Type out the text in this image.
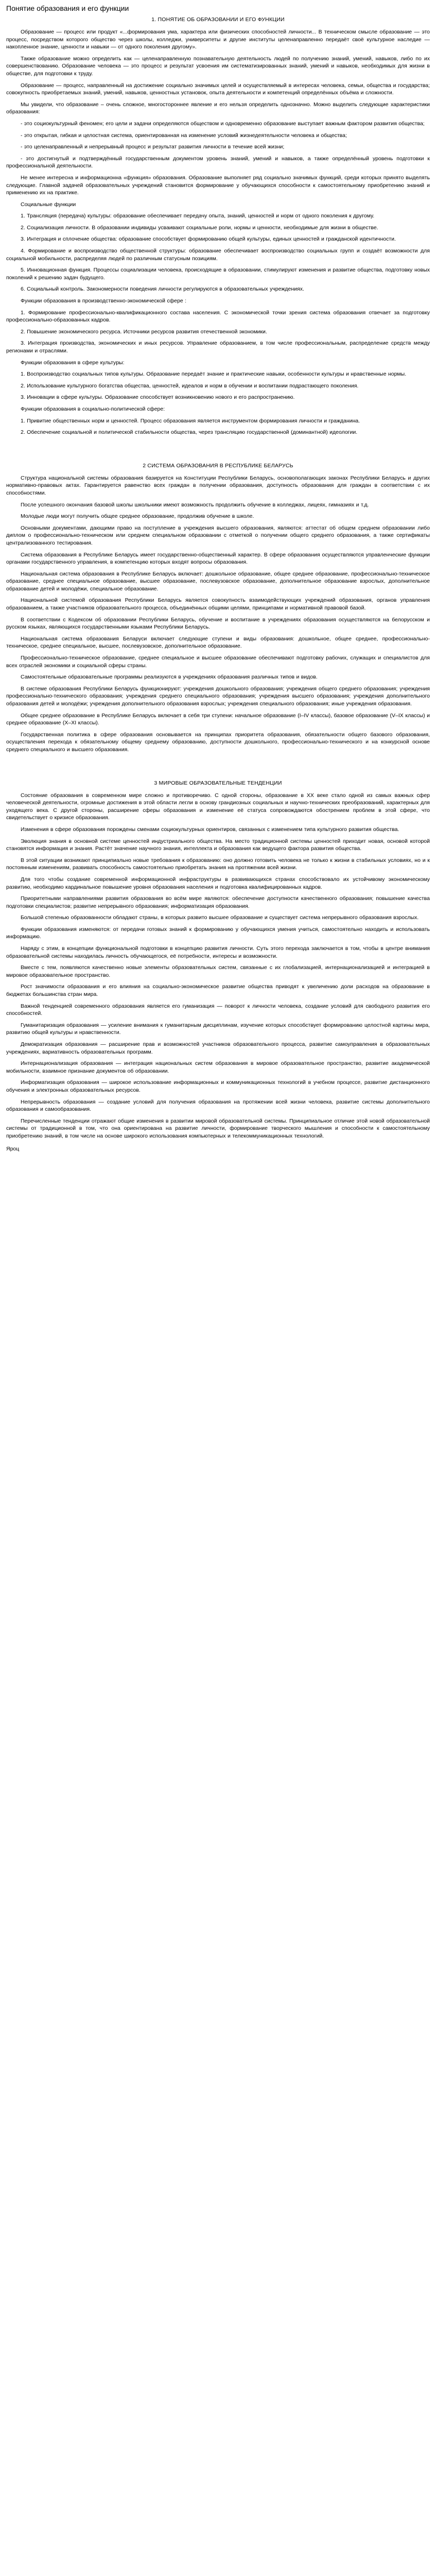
Понятие образования и его функции
1. ПОНЯТИЕ ОБ ОБРАЗОВАНИИ И ЕГО ФУНКЦИИ

Образование — процесс или продукт «...формирования ума, характера или физических способностей личности... В техническом смысле образование — это процесс, посредством которого общество через школы, колледжи, университеты и другие институты целенаправленно передаёт своё культурное наследие — накопленное знание, ценности и навыки — от одного поколения другому».

Также образование можно определить как — целенаправленную познавательную деятельность людей по получению знаний, умений, навыков, либо по их совершенствованию. Образование человека — это процесс и результат усвоения им систематизированных знаний, умений и навыков, необходимых для жизни в обществе, для подготовки к труду.

Образование — процесс, направленный на достижение социально значимых целей и осуществляемый в интересах человека, семьи, общества и государства; совокупность приобретаемых знаний, умений, навыков, ценностных установок, опыта деятельности и компетенций определённых объёма и сложности.

Мы увидели, что образование – очень сложное, многостороннее явление и его нельзя определить однозначно. Можно выделить следующие характеристики образования:

- это социокультурный феномен; его цели и задачи определяются обществом и одновременно образование выступает важным фактором развития общества;

- это открытая, гибкая и целостная система, ориентированная на изменение условий жизнедеятельности человека и общества;

- это целенаправленный и непрерывный процесс и результат развития личности в течение всей жизни;

- это достигнутый и подтверждённый государственным документом уровень знаний, умений и навыков, а также определённый уровень подготовки к профессиональной деятельности.

Не менее интересна и информационна «функция» образования. Образование выполняет ряд социально значимых функций, среди которых принято выделять следующие. Главной задачей образовательных учреждений становится формирование у обучающихся способности к самостоятельному приобретению знаний и применению их на практике.

Социальные функции

1. Трансляция (передача) культуры: образование обеспечивает передачу опыта, знаний, ценностей и норм от одного поколения к другому.

2. Социализация личности. В образовании индивиды усваивают социальные роли, нормы и ценности, необходимые для жизни в обществе.

3. Интеграция и сплочение общества: образование способствует формированию общей культуры, единых ценностей и гражданской идентичности.

4. Формирование и воспроизводство общественной структуры: образование обеспечивает воспроизводство социальных групп и создаёт возможности для социальной мобильности, распределяя людей по различным статусным позициям.

5. Инновационная функция. Процессы социализации человека, происходящие в образовании, стимулируют изменения и развитие общества, подготовку новых поколений к решению задач будущего.

6. Социальный контроль. Закономерности поведения личности регулируются в образовательных учреждениях.

Функции образования в производственно-экономической сфере :

1. Формирование профессионально-квалификационного состава населения. С экономической точки зрения система образования отвечает за подготовку профессионально-образованных кадров.

2. Повышение экономического ресурса. Источники ресурсов развития отечественной экономики.

3. Интеграция производства, экономических и иных ресурсов. Управление образованием, в том числе профессиональным, распределение средств между регионами и отраслями.

Функции образования в сфере культуры:

1. Воспроизводство социальных типов культуры. Образование передаёт знание и практические навыки, особенности культуры и нравственные нормы.

2. Использование культурного богатства общества, ценностей, идеалов и норм в обучении и воспитании подрастающего поколения.

3. Инновации в сфере культуры. Образование способствует возникновению нового и его распространению.

Функции образования в социально-политической сфере:

1. Привитие общественных норм и ценностей. Процесс образования является инструментом формирования личности и гражданина.

2. Обеспечение социальной и политической стабильности общества, через трансляцию государственной (доминантной) идеологии.

2 СИСТЕМА ОБРАЗОВАНИЯ В РЕСПУБЛИКЕ БЕЛАРУСЬ

Структура национальной системы образования базируется на Конституции Республики Беларусь, основополагающих законах Республики Беларусь и других нормативно-правовых актах. Гарантируется равенство всех граждан в получении образования, доступность образования для граждан в соответствии с их способностями.

После успешного окончания базовой школы школьники имеют возможность продолжить обучение в колледжах, лицеях, гимназиях и т.д.

Молодые люди могут получить общее среднее образование, продолжив обучение в школе.

Основными документами, дающими право на поступление в учреждения высшего образования, являются: аттестат об общем среднем образовании либо диплом о профессионально-техническом или среднем специальном образовании с отметкой о получении общего среднего образования, а также сертификаты централизованного тестирования.

Система образования в Республике Беларусь имеет государственно-общественный характер. В сфере образования осуществляются управленческие функции органами государственного управления, в компетенцию которых входят вопросы образования.

Национальная система образования в Республике Беларусь включает: дошкольное образование, общее среднее образование, профессионально-техническое образование, среднее специальное образование, высшее образование, послевузовское образование, дополнительное образование взрослых, дополнительное образование детей и молодёжи, специальное образование.

Национальной системой образования Республики Беларусь является совокупность взаимодействующих учреждений образования, органов управления образованием, а также участников образовательного процесса, объединённых общими целями, принципами и нормативной правовой базой.

В соответствии с Кодексом об образовании Республики Беларусь, обучение и воспитание в учреждениях образования осуществляются на белорусском и русском языках, являющихся государственными языками Республики Беларусь.

Национальная система образования Беларуси включает следующие ступени и виды образования: дошкольное, общее среднее, профессионально-техническое, среднее специальное, высшее, послевузовское, дополнительное образование.

Профессионально-техническое образование, среднее специальное и высшее образование обеспечивают подготовку рабочих, служащих и специалистов для всех отраслей экономики и социальной сферы страны.

Самостоятельные образовательные программы реализуются в учреждениях образования различных типов и видов.

В системе образования Республики Беларусь функционируют: учреждения дошкольного образования; учреждения общего среднего образования; учреждения профессионально-технического образования; учреждения среднего специального образования; учреждения высшего образования; учреждения дополнительного образования детей и молодёжи; учреждения дополнительного образования взрослых; учреждения специального образования; иные учреждения образования.

Общее среднее образование в Республике Беларусь включает в себя три ступени: начальное образование (I–IV классы), базовое образование (V–IX классы) и среднее образование (X–XI классы).

Государственная политика в сфере образования основывается на принципах приоритета образования, обязательности общего базового образования, осуществления перехода к обязательному общему среднему образованию, доступности дошкольного, профессионально-технического и на конкурсной основе среднего специального и высшего образования.

3 МИРОВЫЕ ОБРАЗОВАТЕЛЬНЫЕ ТЕНДЕНЦИИ

Состояние образования в современном мире сложно и противоречиво. С одной стороны, образование в XX веке стало одной из самых важных сфер человеческой деятельности, огромные достижения в этой области легли в основу грандиозных социальных и научно-технических преобразований, характерных для уходящего века. С другой стороны, расширение сферы образования и изменение её статуса сопровождаются обострением проблем в этой сфере, что свидетельствует о кризисе образования.

Изменения в сфере образования порождены сменами социокультурных ориентиров, связанных с изменением типа культурного развития общества.

Эволюция знания в основной системе ценностей индустриального общества. На место традиционной системы ценностей приходит новая, основой которой становятся информация и знания. Растёт значение научного знания, интеллекта и образования как ведущего фактора развития общества.

В этой ситуации возникают принципиально новые требования к образованию: оно должно готовить человека не только к жизни в стабильных условиях, но и к постоянным изменениям, развивать способность самостоятельно приобретать знания на протяжении всей жизни.

Для того чтобы создание современной информационной инфраструктуры в развивающихся странах способствовало их устойчивому экономическому развитию, необходимо кардинальное повышение уровня образования населения и подготовка квалифицированных кадров.

Приоритетными направлениями развития образования во всём мире являются: обеспечение доступности качественного образования; повышение качества подготовки специалистов; развитие непрерывного образования; информатизация образования.

Большой степенью образованности обладают страны, в которых развито высшее образование и существует система непрерывного образования взрослых.

Функции образования изменяются: от передачи готовых знаний к формированию у обучающихся умения учиться, самостоятельно находить и использовать информацию.

Наряду с этим, в концепции функциональной подготовки в концепцию развития личности. Суть этого перехода заключается в том, чтобы в центре внимания образовательной системы находилась личность обучающегося, её потребности, интересы и возможности.

Вместе с тем, появляются качественно новые элементы образовательных систем, связанные с их глобализацией, интернационализацией и интеграцией в мировое образовательное пространство.

Рост значимости образования и его влияния на социально-экономическое развитие общества приводят к увеличению доли расходов на образование в бюджетах большинства стран мира.

Важной тенденцией современного образования является его гуманизация — поворот к личности человека, создание условий для свободного развития его способностей.

Гуманитаризация образования — усиление внимания к гуманитарным дисциплинам, изучение которых способствует формированию целостной картины мира, развитию общей культуры и нравственности.

Демократизация образования — расширение прав и возможностей участников образовательного процесса, развитие самоуправления в образовательных учреждениях, вариативность образовательных программ.

Интернационализация образования — интеграция национальных систем образования в мировое образовательное пространство, развитие академической мобильности, взаимное признание документов об образовании.

Информатизация образования — широкое использование информационных и коммуникационных технологий в учебном процессе, развитие дистанционного обучения и электронных образовательных ресурсов.

Непрерывность образования — создание условий для получения образования на протяжении всей жизни человека, развитие системы дополнительного образования и самообразования.

Перечисленные тенденции отражают общие изменения в развитии мировой образовательной системы. Принципиальное отличие этой новой образовательной системы от традиционной в том, что она ориентирована на развитие личности, формирование творческого мышления и способности к самостоятельному приобретению знаний, в том числе на основе широкого использования компьютерных и телекоммуникационных технологий.

Яроц
